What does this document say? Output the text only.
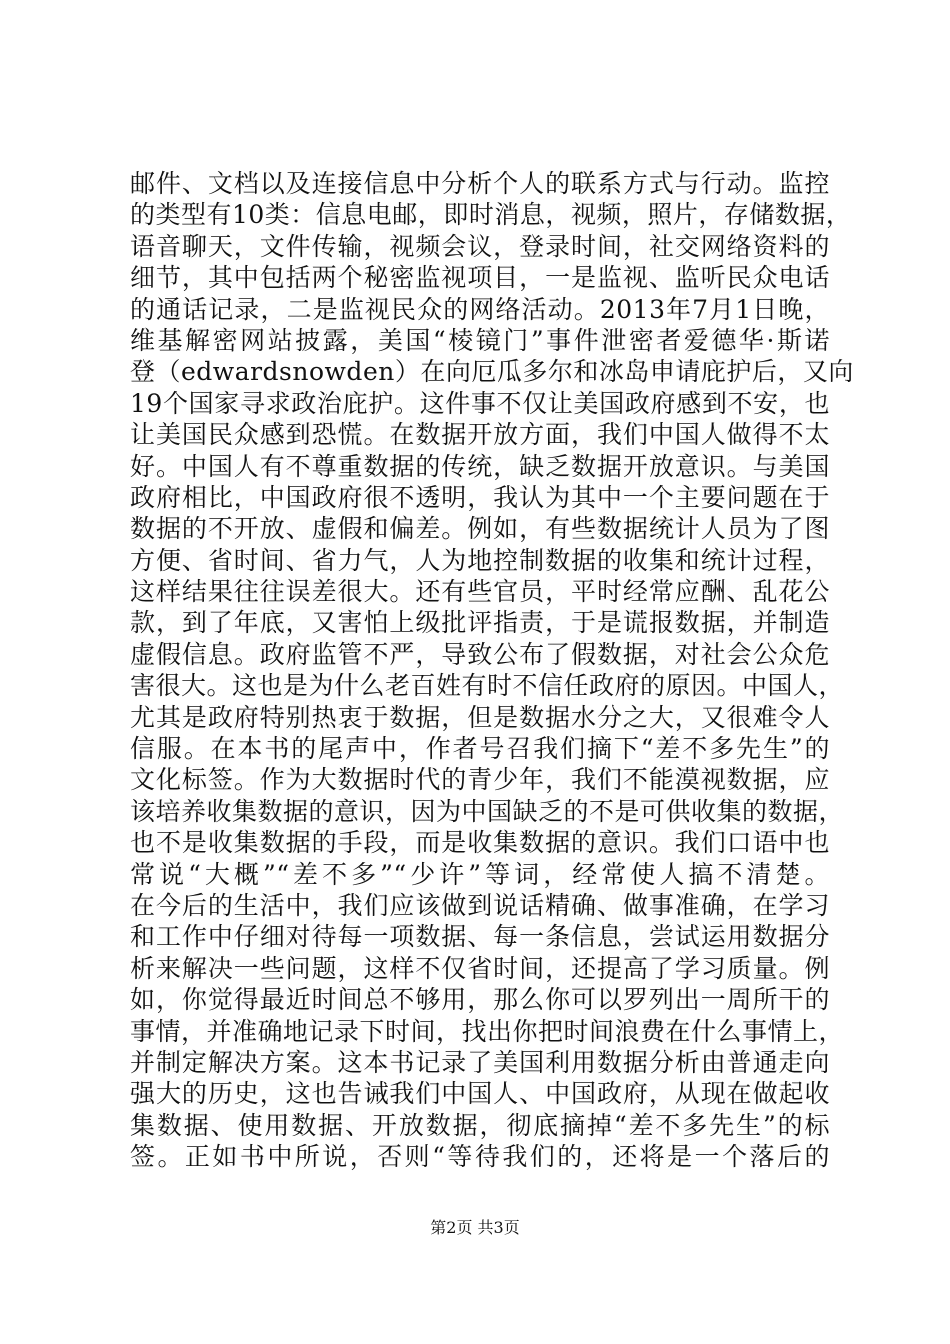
邮件、文档以及连接信息中分析个人的联系方式与行动。监控
的类型有10类：信息电邮，即时消息，视频，照片，存储数据，
语音聊天，文件传输，视频会议，登录时间，社交网络资料的
细节，其中包括两个秘密监视项目，一是监视、监听民众电话
的通话记录，二是监视民众的网络活动。2013年7月1日晚，
维基解密网站披露，美国“棱镜门”事件泄密者爱德华·斯诺
登（edwardsnowden）在向厄瓜多尔和冰岛申请庇护后，又向
19个国家寻求政治庇护。这件事不仅让美国政府感到不安，也
让美国民众感到恐慌。在数据开放方面，我们中国人做得不太
好。中国人有不尊重数据的传统，缺乏数据开放意识。与美国
政府相比，中国政府很不透明，我认为其中一个主要问题在于
数据的不开放、虚假和偏差。例如，有些数据统计人员为了图
方便、省时间、省力气，人为地控制数据的收集和统计过程，
这样结果往往误差很大。还有些官员，平时经常应酬、乱花公
款，到了年底，又害怕上级批评指责，于是谎报数据，并制造
虚假信息。政府监管不严，导致公布了假数据，对社会公众危
害很大。这也是为什么老百姓有时不信任政府的原因。中国人，
尤其是政府特别热衷于数据，但是数据水分之大，又很难令人
信服。在本书的尾声中，作者号召我们摘下“差不多先生”的
文化标签。作为大数据时代的青少年，我们不能漠视数据，应
该培养收集数据的意识，因为中国缺乏的不是可供收集的数据，
也不是收集数据的手段，而是收集数据的意识。我们口语中也
常说“大概”“差不多”“少许”等词，经常使人搞不清楚。
在今后的生活中，我们应该做到说话精确、做事准确，在学习
和工作中仔细对待每一项数据、每一条信息，尝试运用数据分
析来解决一些问题，这样不仅省时间，还提高了学习质量。例
如，你觉得最近时间总不够用，那么你可以罗列出一周所干的
事情，并准确地记录下时间，找出你把时间浪费在什么事情上，
并制定解决方案。这本书记录了美国利用数据分析由普通走向
强大的历史，这也告诫我们中国人、中国政府，从现在做起收
集数据、使用数据、开放数据，彻底摘掉“差不多先生”的标
签。正如书中所说，否则“等待我们的，还将是一个落后的
第2页 共3页
